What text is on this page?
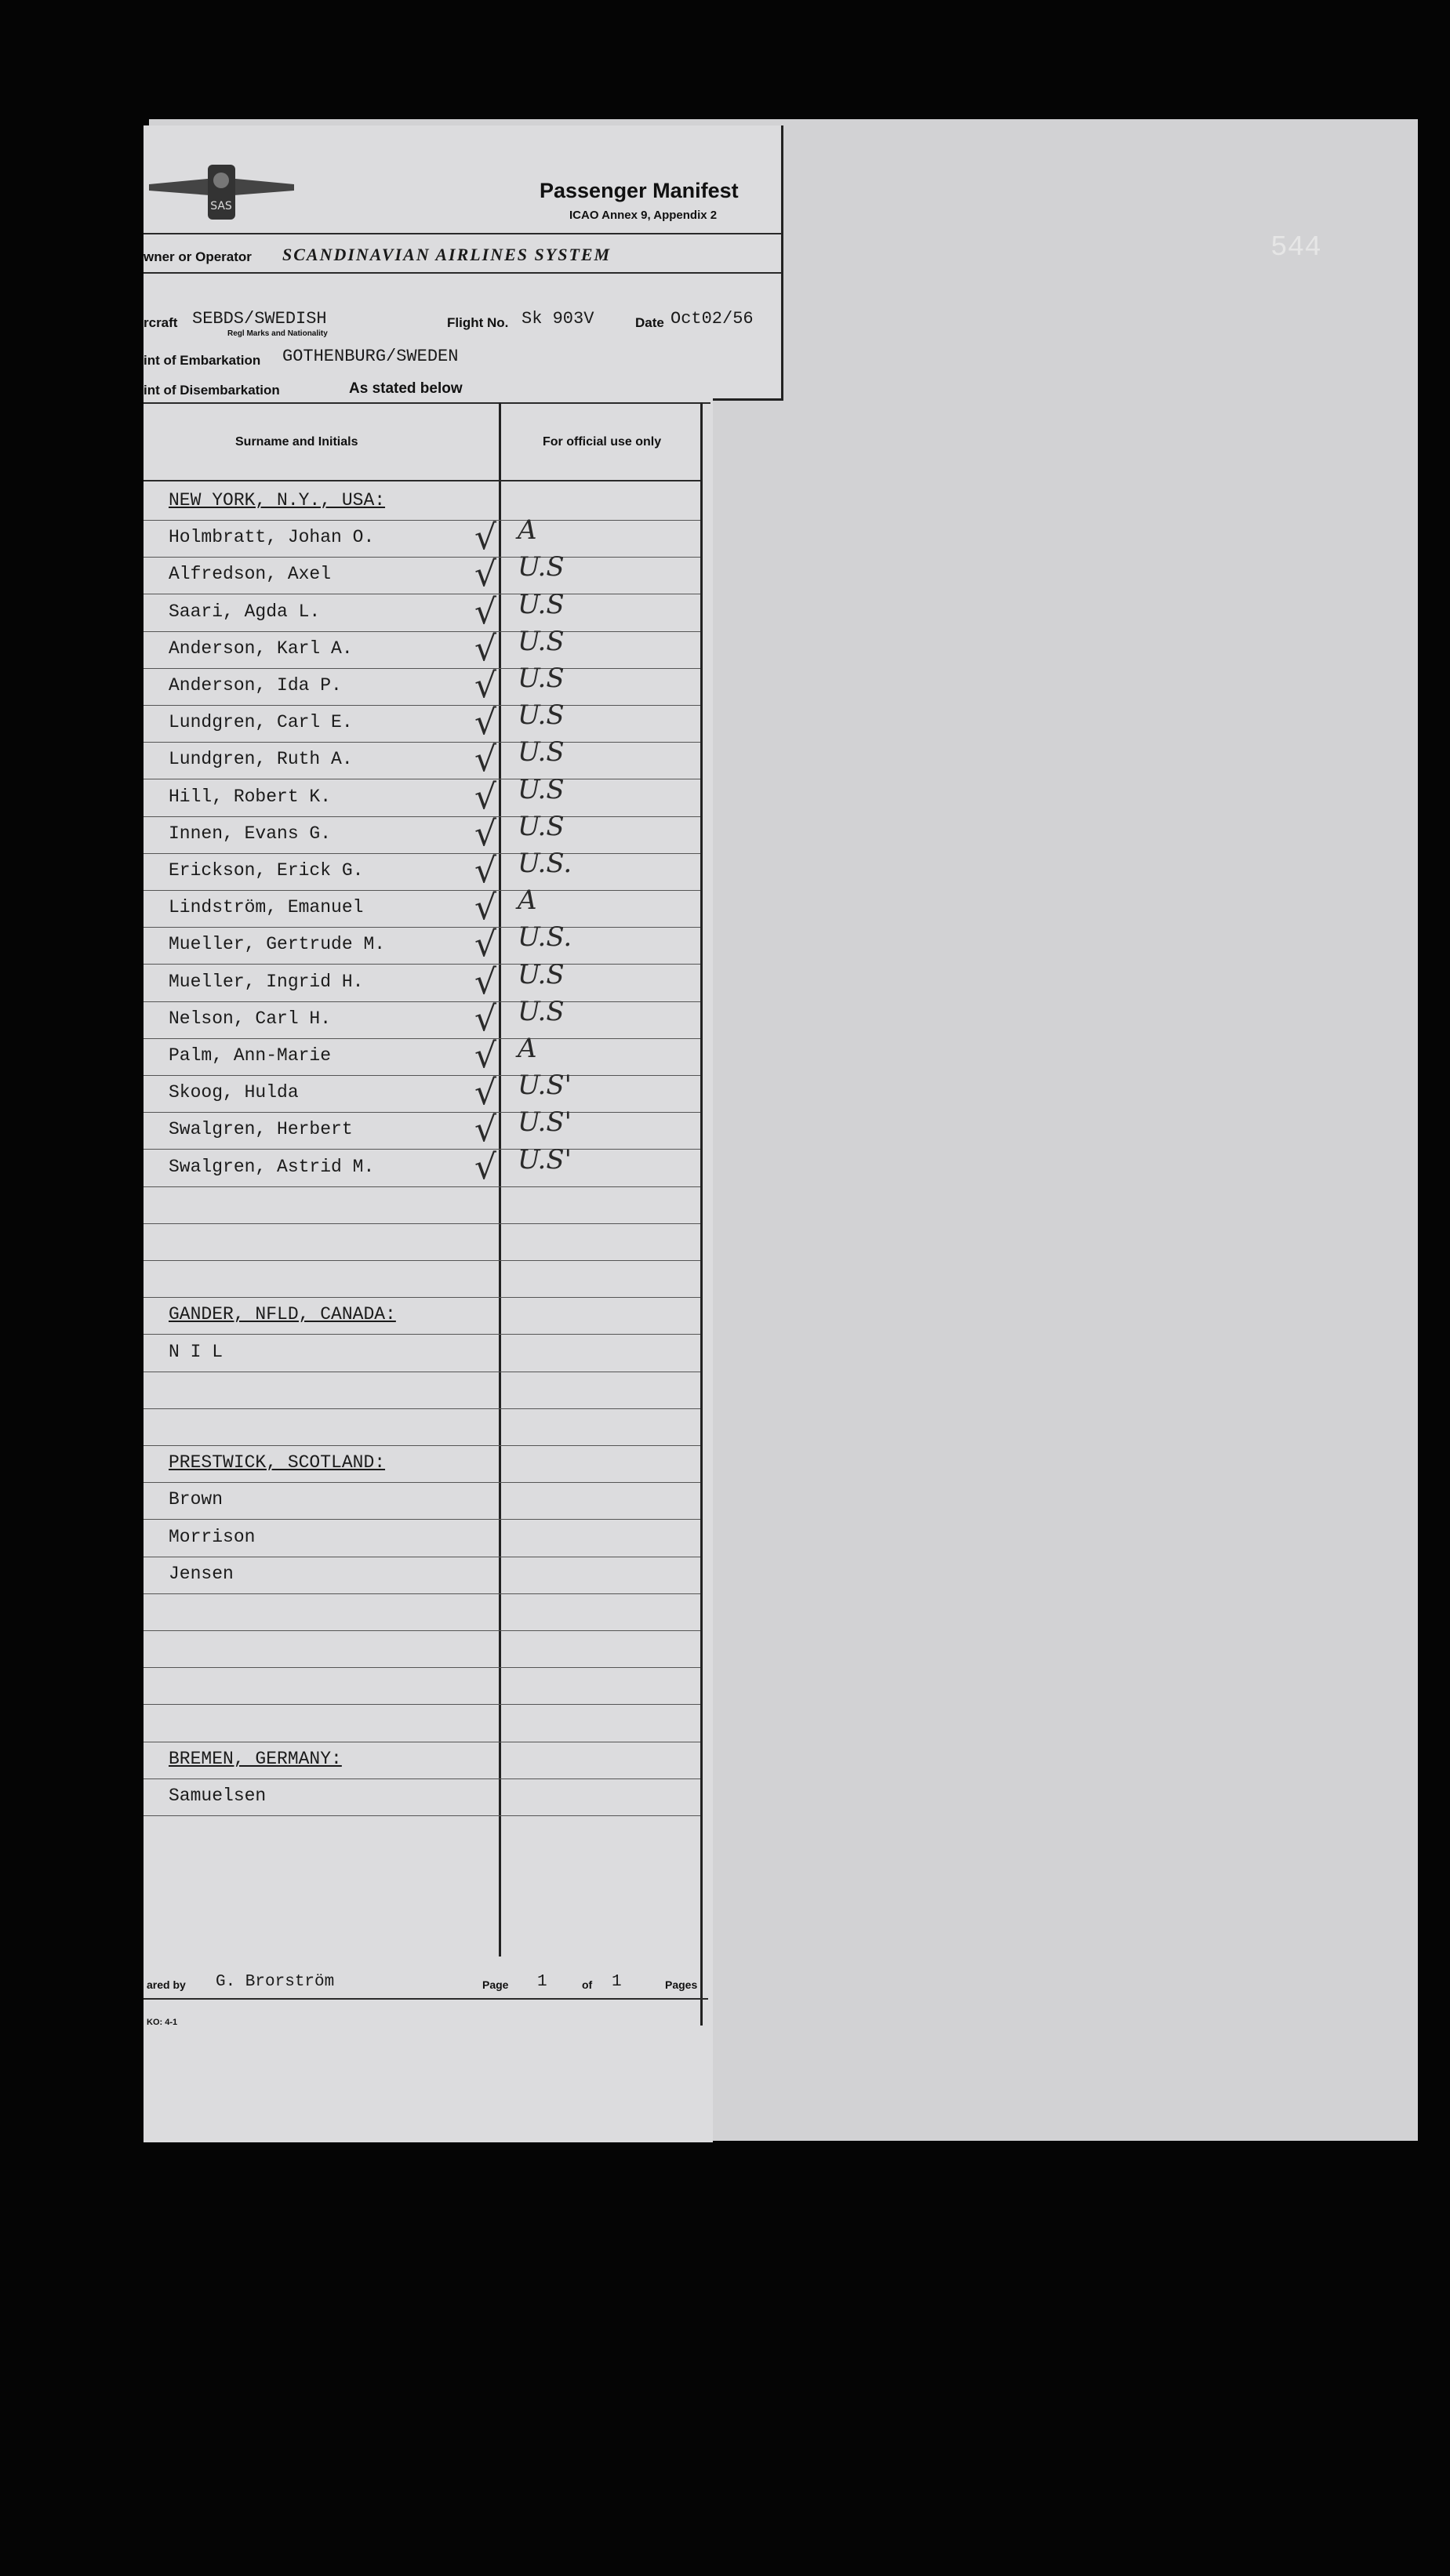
544
SAS
Passenger Manifest
ICAO Annex 9, Appendix 2
wner or Operator SCANDINAVIAN AIRLINES SYSTEM
rcraft SEBDS/SWEDISH
Regl Marks and Nationality
Flight No. Sk 903V	Date Oct02/56
int of Embarkation GOTHENBURG/SWEDEN
int of Disembarkation	As stated below
Surname and Initials	For official use only
NEW YORK, N.Y., USA:
Holmbratt, Johan O.	√ A
Alfredson, Axel	√ U.S
Saari, Agda L.	√ U.S
Anderson, Karl A.	√ U.S
Anderson, Ida P.	√ U.S
Lundgren, Carl E.	√ U.S
Lundgren, Ruth A.	√ U.S
Hill, Robert K.	√ U.S
Innen, Evans G.	√ U.S
Erickson, Erick G.	√ U.S.
Lindström, Emanuel	√ A
Mueller, Gertrude M.	√ U.S.
Mueller, Ingrid H.	√ U.S
Nelson, Carl H.	√ U.S
Palm, Ann-Marie	√ A
Skoog, Hulda	√ U.S'
Swalgren, Herbert	√ U.S'
Swalgren, Astrid M.	√ U.S'
GANDER, NFLD, CANADA:
N I L
PRESTWICK, SCOTLAND:
Brown
Morrison
Jensen
BREMEN, GERMANY:
Samuelsen
ared by G. Brorström	Page 1	of 1	Pages
KO: 4-1
